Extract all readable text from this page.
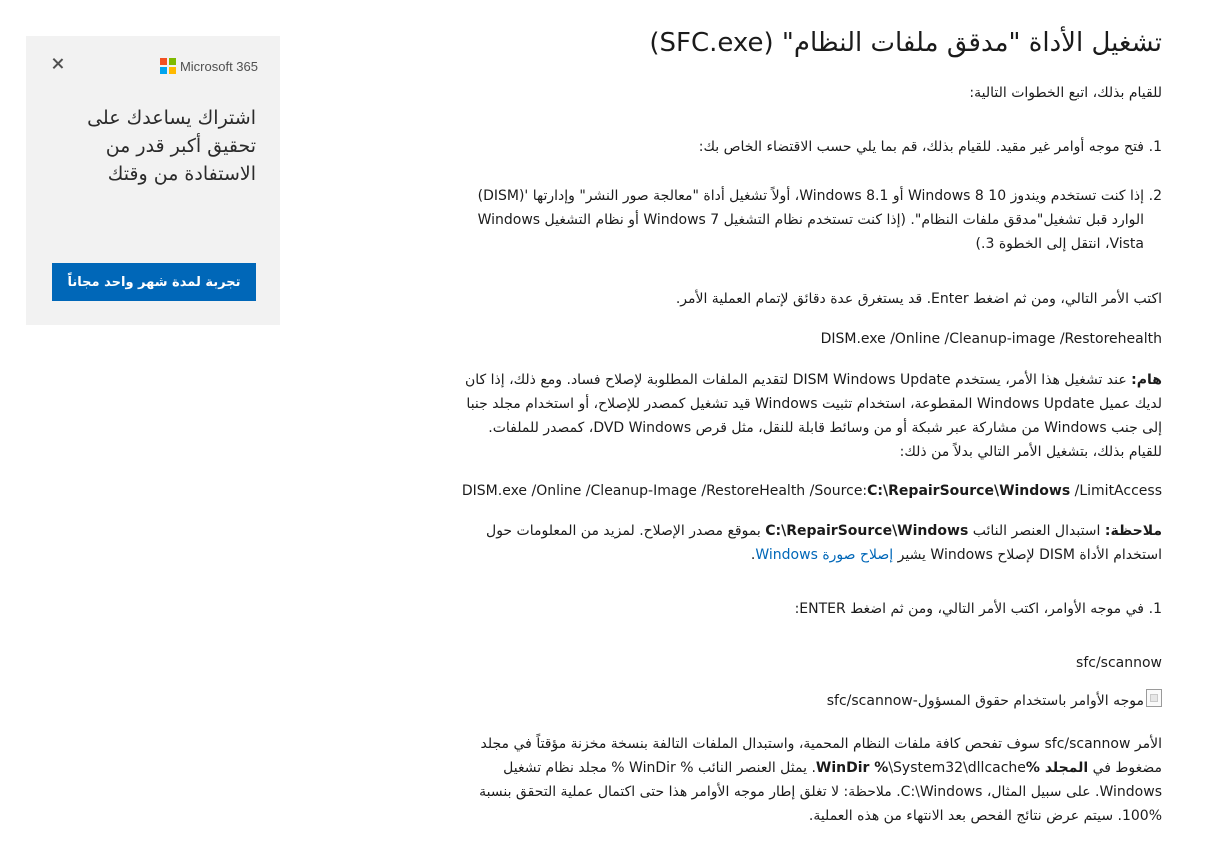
Microsoft 365
اشتراك يساعدك على تحقيق أكبر قدر من الاستفادة من وقتك
تجربة لمدة شهر واحد مجاناً
تشغيل الأداة "مدقق ملفات النظام" (SFC.exe)

للقيام بذلك، اتبع الخطوات التالية:

1.فتح موجه أوامر غير مقيد. للقيام بذلك، قم بما يلي حسب الاقتضاء الخاص بك:

2.إذا كنت تستخدم ويندوز 10 8 Windows أو Windows 8.1، أولاً تشغيل أداة "معالجة صور النشر" وإدارتها '(DISM)

الوارد قبل تشغيل"مدقق ملفات النظام". (إذا كنت تستخدم نظام التشغيل Windows 7 أو نظام التشغيل Windows

Vista، انتقل إلى الخطوة 3.)

اكتب الأمر التالي، ومن ثم اضغط Enter. قد يستغرق عدة دقائق لإتمام العملية الأمر.

DISM.exe /Online /Cleanup-image /Restorehealth

هام: عند تشغيل هذا الأمر، يستخدم DISM Windows Update لتقديم الملفات المطلوبة لإصلاح فساد. ومع ذلك، إذا كان

لديك عميل Windows Update المقطوعة، استخدام تثبيت Windows قيد تشغيل كمصدر للإصلاح، أو استخدام مجلد جنبا

إلى جنب Windows من مشاركة عبر شبكة أو من وسائط قابلة للنقل، مثل قرص DVD Windows، كمصدر للملفات.

للقيام بذلك، بتشغيل الأمر التالي بدلاً من ذلك:

DISM.exe /Online /Cleanup-Image /RestoreHealth /Source:C:\RepairSource\Windows /LimitAccess

ملاحظة: استبدال العنصر النائب C:\RepairSource\Windows بموقع مصدر الإصلاح. لمزيد من المعلومات حول

استخدام الأداة DISM لإصلاح Windows يشير إصلاح صورة Windows.

1.في موجه الأوامر، اكتب الأمر التالي، ومن ثم اضغط ENTER:

sfc/scannow

موجه الأوامر باستخدام حقوق المسؤول-sfc/scannow

الأمر sfc/scannow سوف تفحص كافة ملفات النظام المحمية، واستبدال الملفات التالفة بنسخة مخزنة مؤقتاً في مجلد

مضغوط في المجلد %WinDir %\System32\dllcache. يمثل العنصر النائب % WinDir % مجلد نظام تشغيل

Windows. على سبيل المثال، C:\Windows. ملاحظة: لا تغلق إطار موجه الأوامر هذا حتى اكتمال عملية التحقق بنسبة

100%. سيتم عرض نتائج الفحص بعد الانتهاء من هذه العملية.
